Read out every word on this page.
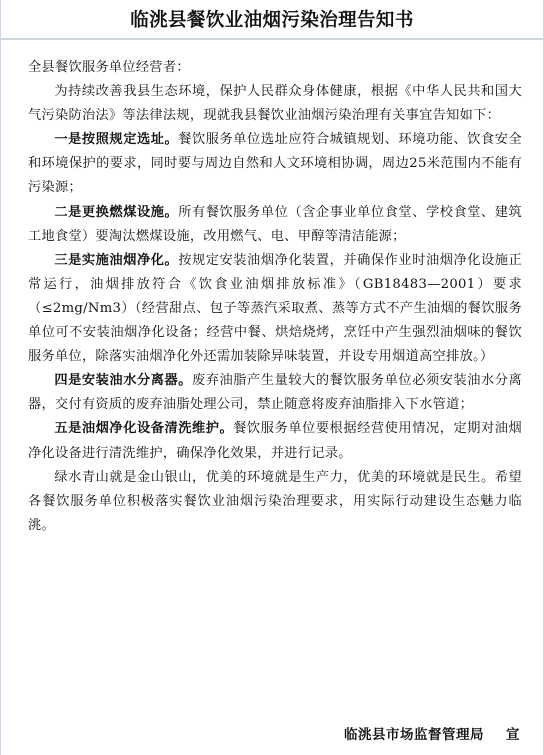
临洮县餐饮业油烟污染治理告知书

全县餐饮服务单位经营者：

为持续改善我县生态环境，保护人民群众身体健康，根据《中华人民共和国大气污染防治法》等法律法规，现就我县餐饮业油烟污染治理有关事宜告知如下：

一是按照规定选址。餐饮服务单位选址应符合城镇规划、环境功能、饮食安全和环境保护的要求，同时要与周边自然和人文环境相协调，周边25米范围内不能有污染源；

二是更换燃煤设施。所有餐饮服务单位（含企事业单位食堂、学校食堂、建筑工地食堂）要淘汰燃煤设施，改用燃气、电、甲醇等清洁能源；

三是实施油烟净化。按规定安装油烟净化装置，并确保作业时油烟净化设施正常运行，油烟排放符合《饮食业油烟排放标准》（GB18483—2001）要求（≤2mg/Nm3）（经营甜点、包子等蒸汽采取煮、蒸等方式不产生油烟的餐饮服务单位可不安装油烟净化设备；经营中餐、烘焙烧烤，烹饪中产生强烈油烟味的餐饮服务单位，除落实油烟净化外还需加装除异味装置，并设专用烟道高空排放。）

四是安装油水分离器。废弃油脂产生量较大的餐饮服务单位必须安装油水分离器，交付有资质的废弃油脂处理公司，禁止随意将废弃油脂排入下水管道；

五是油烟净化设备清洗维护。餐饮服务单位要根据经营使用情况，定期对油烟净化设备进行清洗维护，确保净化效果，并进行记录。

绿水青山就是金山银山，优美的环境就是生产力，优美的环境就是民生。希望各餐饮服务单位积极落实餐饮业油烟污染治理要求，用实际行动建设生态魅力临洮。

临洮县市场监督管理局 宣
